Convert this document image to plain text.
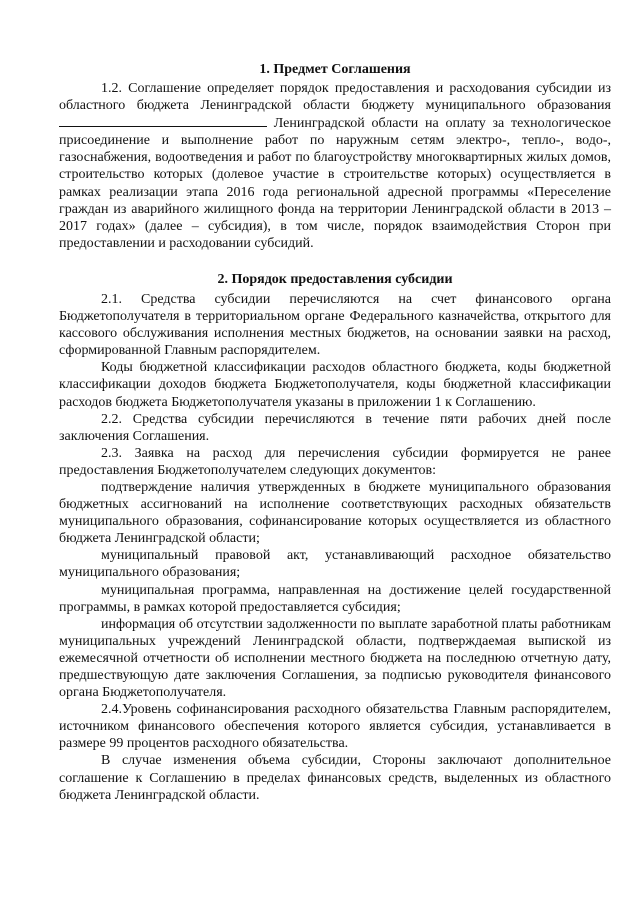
1. Предмет Соглашения

1.2. Соглашение определяет порядок предоставления и расходования субсидии из областного бюджета Ленинградской области бюджету муниципального образования  Ленинградской области на оплату за технологическое присоединение и выполнение работ по наружным сетям электро-, тепло-, водо-, газоснабжения, водоотведения и работ по благоустройству многоквартирных жилых домов, строительство которых (долевое участие в строительстве которых) осуществляется в рамках реализации этапа 2016 года региональной адресной программы «Переселение граждан из аварийного жилищного фонда на территории Ленинградской области в 2013 – 2017 годах» (далее – субсидия), в том числе, порядок взаимодействия Сторон при предоставлении и расходовании субсидий.

2. Порядок предоставления субсидии

2.1. Средства субсидии перечисляются на счет финансового органа Бюджетополучателя в территориальном органе Федерального казначейства, открытого для кассового обслуживания исполнения местных бюджетов, на основании заявки на расход, сформированной Главным распорядителем.

Коды бюджетной классификации расходов областного бюджета, коды бюджетной классификации доходов бюджета Бюджетополучателя, коды бюджетной классификации расходов бюджета Бюджетополучателя указаны в приложении 1 к Соглашению.

2.2. Средства субсидии перечисляются в течение пяти рабочих дней после заключения Соглашения.

2.3. Заявка на расход для перечисления субсидии формируется не ранее предоставления Бюджетополучателем следующих документов:

подтверждение наличия утвержденных в бюджете муниципального образования бюджетных ассигнований на исполнение соответствующих расходных обязательств муниципального образования, софинансирование которых осуществляется из областного бюджета Ленинградской области;

муниципальный правовой акт, устанавливающий расходное обязательство муниципального образования;

муниципальная программа, направленная на достижение целей государственной программы, в рамках которой предоставляется субсидия;

информация об отсутствии задолженности по выплате заработной платы работникам муниципальных учреждений Ленинградской области, подтверждаемая выпиской из ежемесячной отчетности об исполнении местного бюджета на последнюю отчетную дату, предшествующую дате заключения Соглашения, за подписью руководителя финансового органа Бюджетополучателя.

2.4.Уровень софинансирования расходного обязательства Главным распорядителем, источником финансового обеспечения которого является субсидия, устанавливается в размере 99 процентов расходного обязательства.

В случае изменения объема субсидии, Стороны заключают дополнительное соглашение к Соглашению в пределах финансовых средств, выделенных из областного бюджета Ленинградской области.
